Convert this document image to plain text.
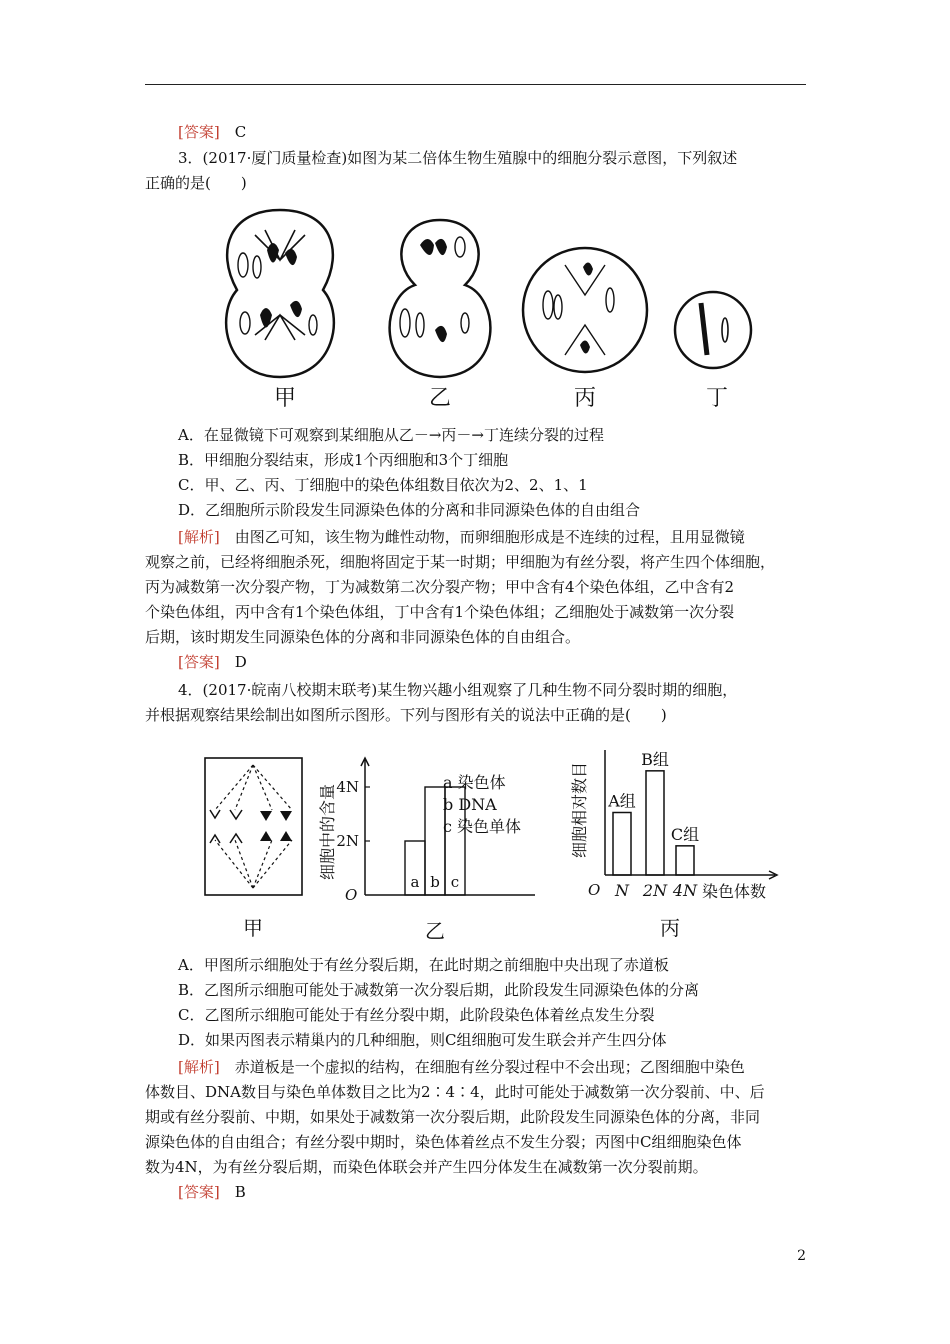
[答案]　 C
3．(2017·厦门质量检查)如图为某二倍体生物生殖腺中的细胞分裂示意图，下列叙述
正确的是(　　)
甲	乙	丙	丁
A．在显微镜下可观察到某细胞从乙－→丙－→丁连续分裂的过程
B．甲细胞分裂结束，形成1个丙细胞和3个丁细胞
C．甲、乙、丙、丁细胞中的染色体组数目依次为2、2、1、1
D．乙细胞所示阶段发生同源染色体的分离和非同源染色体的自由组合
[解析]　 由图乙可知，该生物为雌性动物，而卵细胞形成是不连续的过程，且用显微镜
观察之前，已经将细胞杀死，细胞将固定于某一时期；甲细胞为有丝分裂，将产生四个体细胞，
丙为减数第一次分裂产物，丁为减数第二次分裂产物；甲中含有4个染色体组，乙中含有2
个染色体组，丙中含有1个染色体组，丁中含有1个染色体组；乙细胞处于减数第一次分裂
后期，该时期发生同源染色体的分离和非同源染色体的自由组合。
[答案]　 D
4．(2017·皖南八校期末联考)某生物兴趣小组观察了几种生物不同分裂时期的细胞，
并根据观察结果绘制出如图所示图形。下列与图形有关的说法中正确的是(　　)
甲
O
细胞中的含量 2N
4N
a b c
a 染色体
b DNA
c 染色单体
乙
O
细胞相对数目
染色体数
A组
N
B组
2N
C组
4N
丙
A．甲图所示细胞处于有丝分裂后期，在此时期之前细胞中央出现了赤道板
B．乙图所示细胞可能处于减数第一次分裂后期，此阶段发生同源染色体的分离
C．乙图所示细胞可能处于有丝分裂中期，此阶段染色体着丝点发生分裂
D．如果丙图表示精巢内的几种细胞，则C组细胞可发生联会并产生四分体
[解析]　 赤道板是一个虚拟的结构，在细胞有丝分裂过程中不会出现；乙图细胞中染色
体数目、DNA数目与染色单体数目之比为2∶4∶4，此时可能处于减数第一次分裂前、中、后
期或有丝分裂前、中期，如果处于减数第一次分裂后期，此阶段发生同源染色体的分离，非同
源染色体的自由组合；有丝分裂中期时，染色体着丝点不发生分裂；丙图中C组细胞染色体
数为4N，为有丝分裂后期，而染色体联会并产生四分体发生在减数第一次分裂前期。
[答案]　 B
2
